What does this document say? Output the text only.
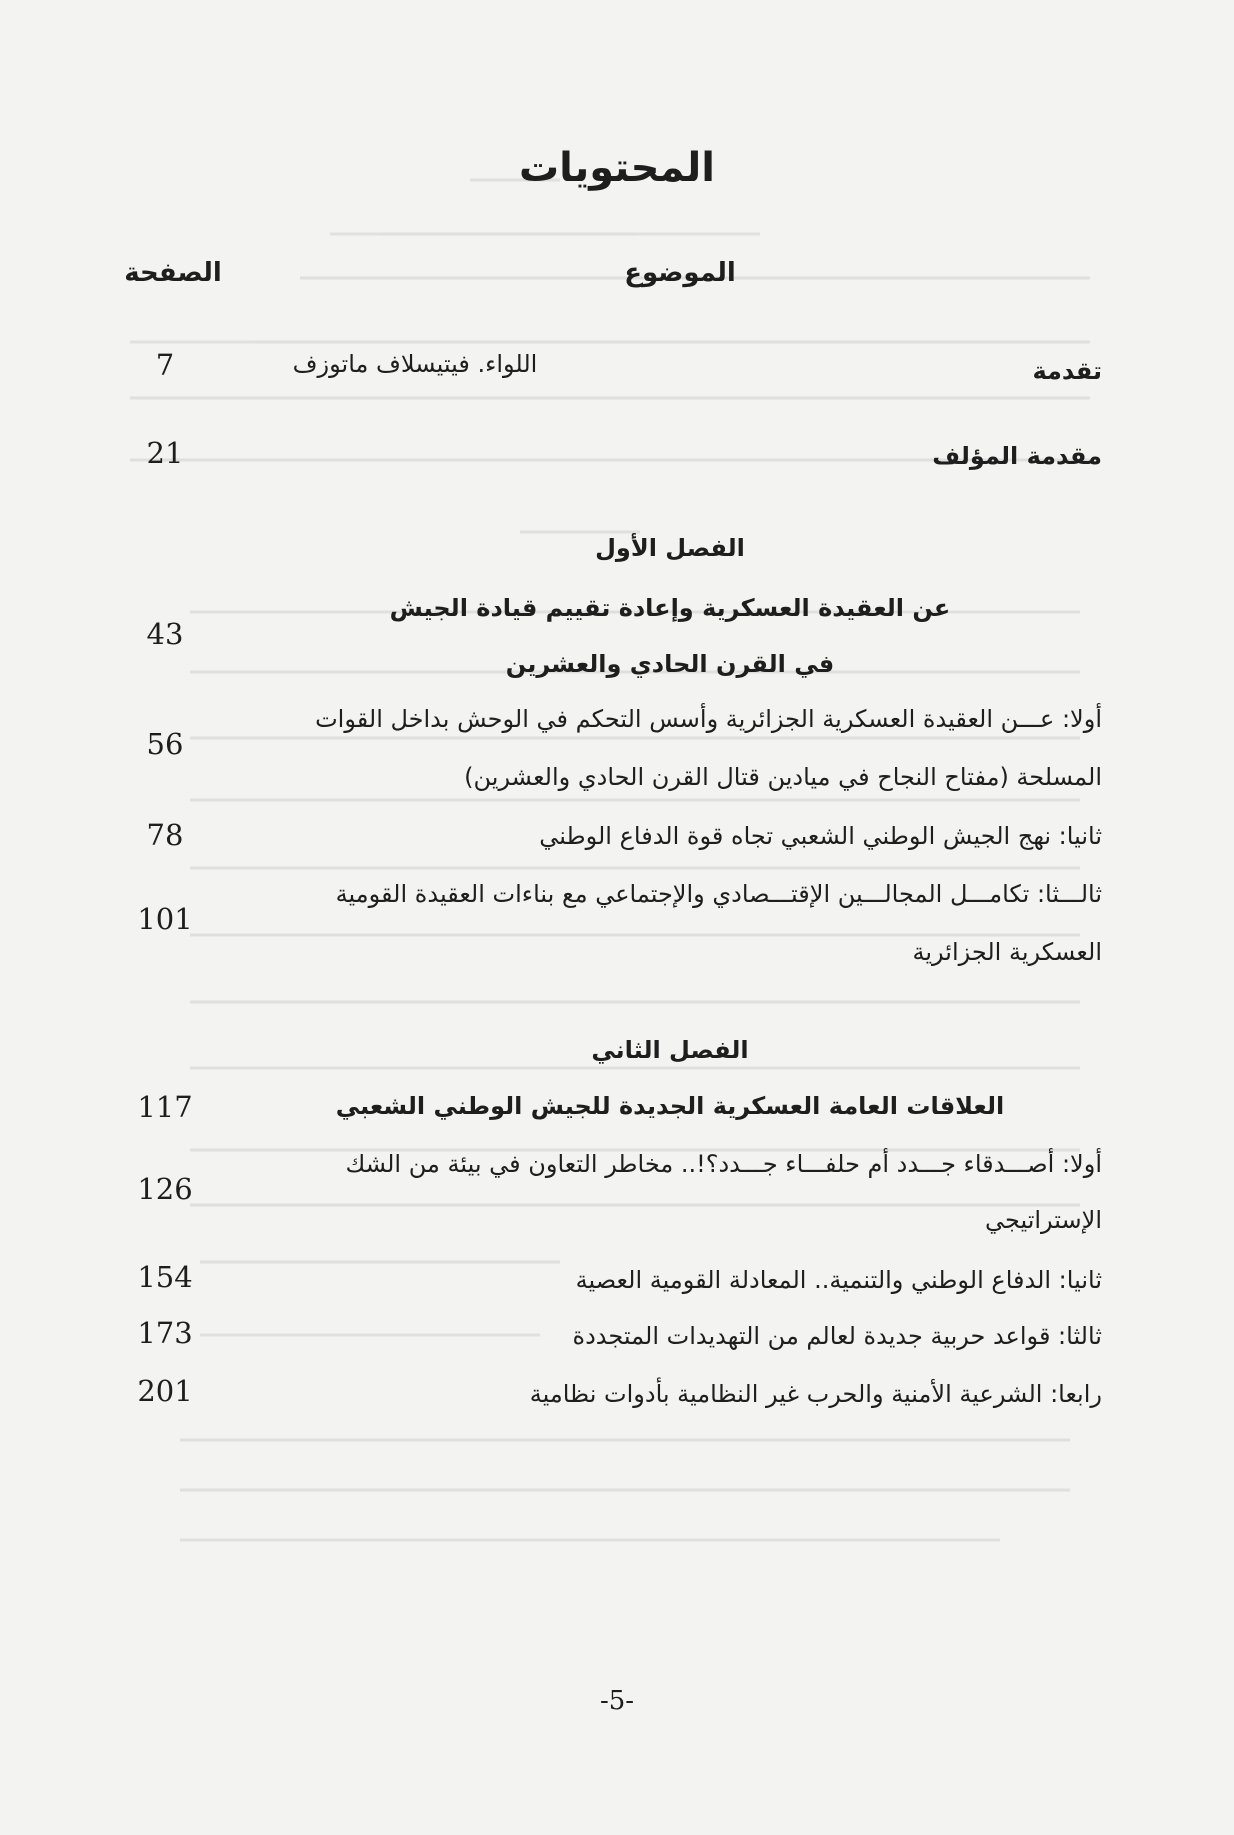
المحتويات
الموضوع
الصفحة
تقدمة
اللواء. فيتيسلاف ماتوزف
7
مقدمة المؤلف
21
الفصل الأول
عن العقيدة العسكرية وإعادة تقييم قيادة الجيش
في القرن الحادي والعشرين
43
أولا: عـــن العقيدة العسكرية الجزائرية وأسس التحكم في الوحش بداخل القوات
المسلحة (مفتاح النجاح في ميادين قتال القرن الحادي والعشرين)
56
ثانيا: نهج الجيش الوطني الشعبي تجاه قوة الدفاع الوطني
78
ثالـــثا: تكامـــل المجالـــين الإقتـــصادي والإجتماعي مع بناءات العقيدة القومية
العسكرية الجزائرية
101
الفصل الثاني
العلاقات العامة العسكرية الجديدة للجيش الوطني الشعبي
117
أولا: أصـــدقاء جـــدد أم حلفـــاء جـــدد؟!.. مخاطر التعاون في بيئة من الشك
الإستراتيجي
126
ثانيا: الدفاع الوطني والتنمية.. المعادلة القومية العصية
154
ثالثا: قواعد حربية جديدة لعالم من التهديدات المتجددة
173
رابعا: الشرعية الأمنية والحرب غير النظامية بأدوات نظامية
201
-5-
